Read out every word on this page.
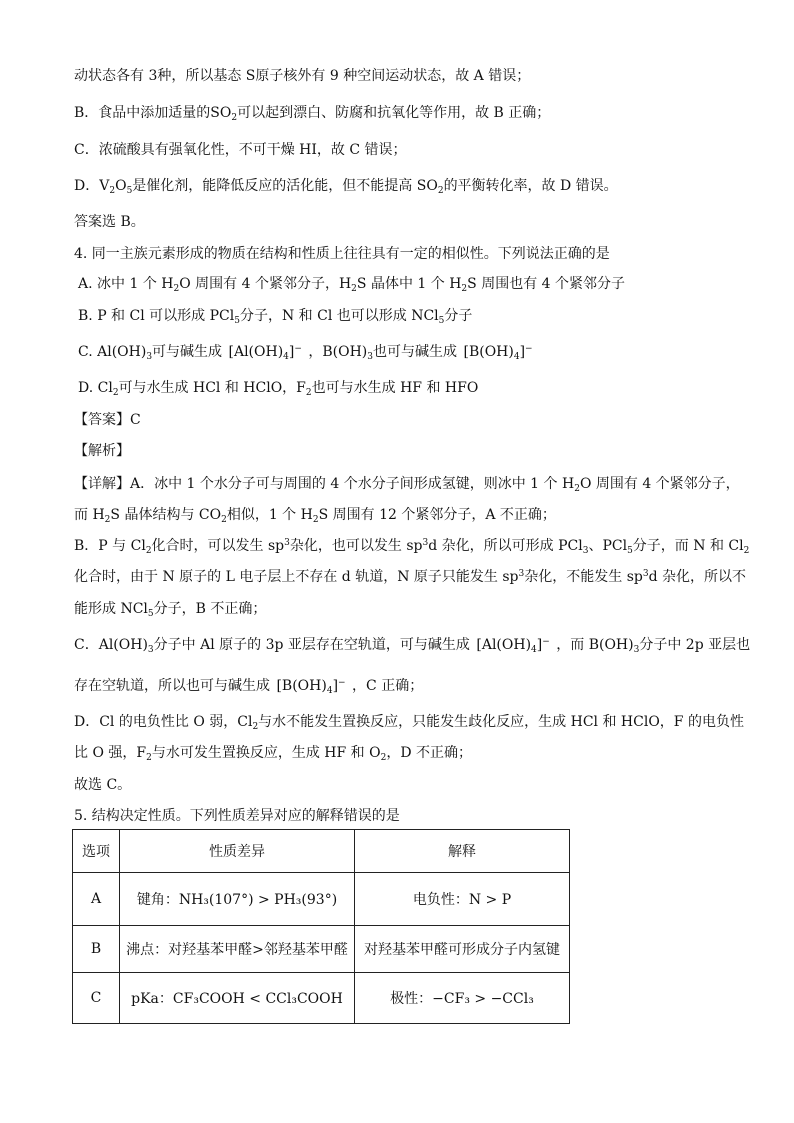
动状态各有 3种，所以基态 S原子核外有 9 种空间运动状态，故 A 错误；
B．食品中添加适量的$SO_2$可以起到漂白、防腐和抗氧化等作用，故 B 正确；
C．浓硫酸具有强氧化性，不可干燥 HI，故 C 错误；
D．$V_2O_5$是催化剂，能降低反应的活化能，但不能提高 $SO_2$的平衡转化率，故 D 错误。
答案选 B。
4. 同一主族元素形成的物质在结构和性质上往往具有一定的相似性。下列说法正确的是
A. 冰中 1 个 $H_2O$ 周围有 4 个紧邻分子，$H_2S$ 晶体中 1 个 $H_2S$ 周围也有 4 个紧邻分子
B. P 和 Cl 可以形成 PCl$_5$分子，N 和 Cl 也可以形成 NCl$_5$分子
C. $Al(OH)_3$可与碱生成 $[Al(OH)_4]^-$ ，$B(OH)_3$也可与碱生成 $[B(OH)_4]^-$
D. $Cl_2$可与水生成 HCl 和 HClO，$F_2$也可与水生成 HF 和 HFO
【答案】C
【解析】
【详解】A．冰中 1 个水分子可与周围的 4 个水分子间形成氢键，则冰中 1 个 $H_2O$ 周围有 4 个紧邻分子，
而 $H_2S$ 晶体结构与 $CO_2$相似，1 个 $H_2S$ 周围有 12 个紧邻分子，A 不正确；
B．P 与 $Cl_2$化合时，可以发生 $sp^3$杂化，也可以发生 $sp^3d$ 杂化，所以可形成 PCl$_3$、PCl$_5$分子，而 N 和 $Cl_2$
化合时，由于 N 原子的 L 电子层上不存在 d 轨道，N 原子只能发生 $sp^3$杂化，不能发生 $sp^3d$ 杂化，所以不
能形成 NCl$_5$分子，B 不正确；
C．$Al(OH)_3$分子中 Al 原子的 3p 亚层存在空轨道，可与碱生成 $[Al(OH)_4]^-$ ，而 $B(OH)_3$分子中 2p 亚层也
存在空轨道，所以也可与碱生成 $[B(OH)_4]^-$ ，C 正确；
D．Cl 的电负性比 O 弱，$Cl_2$与水不能发生置换反应，只能发生歧化反应，生成 HCl 和 HClO，F 的电负性
比 O 强，$F_2$与水可发生置换反应，生成 HF 和 $O_2$，D 不正确；
故选 C。
5. 结构决定性质。下列性质差异对应的解释错误的是
选项	性质差异	解释
A	键角：NH₃(107°) > PH₃(93°)	电负性：N > P
B	沸点：对羟基苯甲醛>邻羟基苯甲醛	对羟基苯甲醛可形成分子内氢键
C	pKa：CF₃COOH < CCl₃COOH	极性：−CF₃ > −CCl₃
